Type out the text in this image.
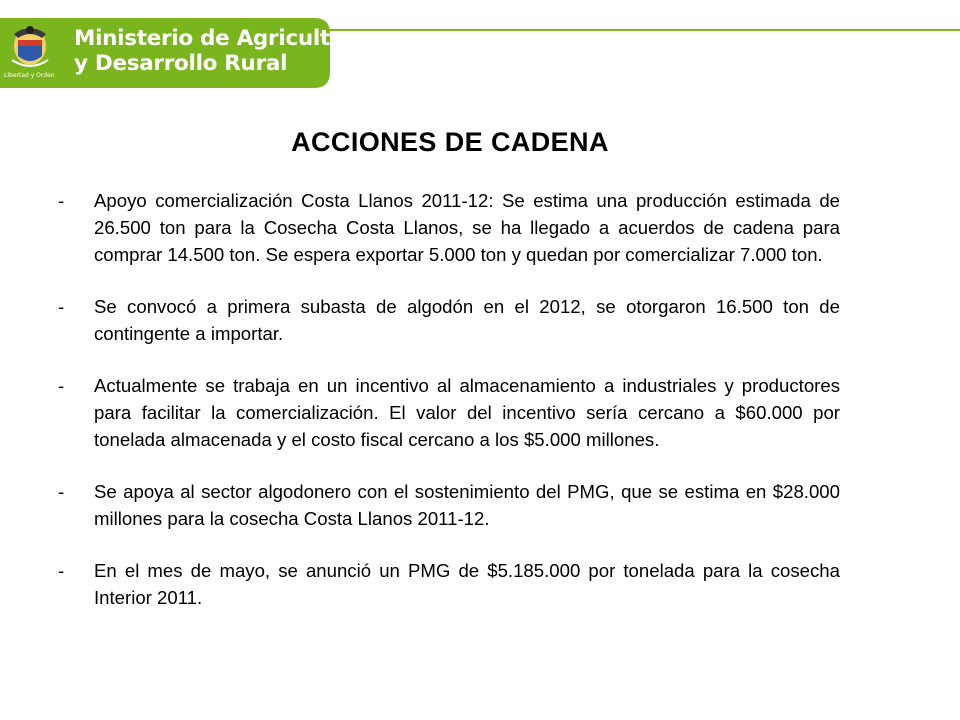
Ministerio de Agricultura
y Desarrollo Rural
Libertad y Orden
ACCIONES DE CADENA
-	Apoyo comercialización Costa Llanos 2011-12: Se estima una producción estimada de 26.500 ton para la Cosecha Costa Llanos, se ha llegado a acuerdos de cadena para comprar 14.500 ton. Se espera exportar 5.000 ton y quedan por comercializar 7.000 ton.
-	Se convocó a primera subasta de algodón en el 2012, se otorgaron 16.500 ton de contingente a importar.
-	Actualmente se trabaja en un incentivo al almacenamiento a industriales y productores para facilitar la comercialización. El valor del incentivo sería cercano a $60.000 por tonelada almacenada y el costo fiscal cercano a los $5.000 millones.
-	Se apoya al sector algodonero con el sostenimiento del PMG, que se estima en $28.000 millones para la cosecha Costa Llanos 2011-12.
-	En el mes de mayo, se anunció un PMG de $5.185.000 por tonelada para la cosecha Interior 2011.
